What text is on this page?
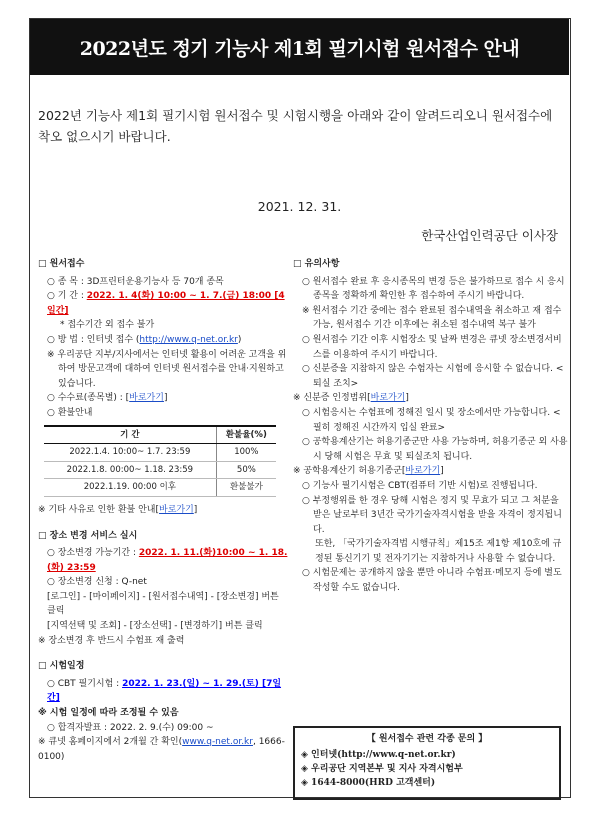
2022년도 정기 기능사 제1회 필기시험 원서접수 안내
2022년 기능사 제1회 필기시험 원서접수 및 시험시행을 아래와 같이 알려드리오니 원서접수에 착오 없으시기 바랍니다.
2021. 12. 31.
한국산업인력공단 이사장
□ 원서접수
○ 종 목 : 3D프린터운용기능사 등 70개 종목
○ 기 간 : 2022. 1. 4(화) 10:00 ~ 1. 7.(금) 18:00 [4일간]
* 접수기간 외 접수 불가
○ 방 법 : 인터넷 접수 (http://www.q-net.or.kr)
※ 우리공단 지부/지사에서는 인터넷 활용이 어려운 고객을 위하여 방문고객에 대하여 인터넷 원서접수를 안내·지원하고 있습니다.
○ 수수료(종목별) : [바로가기]
○ 환불안내
기 간	환불율(%)
2022.1.4. 10:00~ 1.7. 23:59	100%
2022.1.8. 00:00~ 1.18. 23:59	50%
2022.1.19. 00:00 이후	환불불가
※ 기타 사유로 인한 환불 안내[바로가기]
□ 장소 변경 서비스 실시
○ 장소변경 가능기간 : 2022. 1. 11.(화)10:00 ~ 1. 18.(화) 23:59
○ 장소변경 신청 : Q-net
[로그인] - [마이페이지] - [원서접수내역] - [장소변경] 버튼 클릭
[지역선택 및 조회] - [장소선택] - [변경하기] 버튼 클릭
※ 장소변경 후 반드시 수험표 재 출력
□ 시험일정
○ CBT 필기시험 : 2022. 1. 23.(일) ~ 1. 29.(토) [7일간]
※ 시험 일정에 따라 조정될 수 있음
○ 합격자발표 : 2022. 2. 9.(수) 09:00 ~
※ 큐넷 홈페이지에서 2개월 간 확인(www.q-net.or.kr, 1666-0100)
□ 유의사항
○ 원서접수 완료 후 응시종목의 변경 등은 불가하므로 접수 시 응시종목을 정확하게 확인한 후 접수하여 주시기 바랍니다.
※ 원서접수 기간 중에는 접수 완료된 접수내역을 취소하고 재 접수 가능, 원서접수 기간 이후에는 취소된 접수내역 복구 불가
○ 원서접수 기간 이후 시험장소 및 날짜 변경은 큐넷 장소변경서비스를 이용하여 주시기 바랍니다.
○ 신분증을 지참하지 않은 수험자는 시험에 응시할 수 없습니다. <퇴실 조치>
※ 신분증 인정범위[바로가기]
○ 시험응시는 수험표에 정해진 일시 및 장소에서만 가능합니다. <필히 정해진 시간까지 입실 완료>
○ 공학용계산기는 허용기종군만 사용 가능하며, 허용기종군 외 사용 시 당해 시험은 무효 및 퇴실조치 됩니다.
※ 공학용계산기 허용기종군[바로가기]
○ 기능사 필기시험은 CBT(컴퓨터 기반 시험)로 진행됩니다.
○ 부정행위를 한 경우 당해 시험은 정지 및 무효가 되고 그 처분을 받은 날로부터 3년간 국가기술자격시험을 받을 자격이 정지됩니다.
또한, 「국가기술자격법 시행규칙」제15조 제1항 제10호에 규정된 통신기기 및 전자기기는 지참하거나 사용할 수 없습니다.
○ 시험문제는 공개하지 않을 뿐만 아니라 수험표·메모지 등에 별도 작성할 수도 없습니다.
【 원서접수 관련 각종 문의 】
◈ 인터넷(http://www.q-net.or.kr)
◈ 우리공단 지역본부 및 지사 자격시험부
◈ 1644-8000(HRD 고객센터)
